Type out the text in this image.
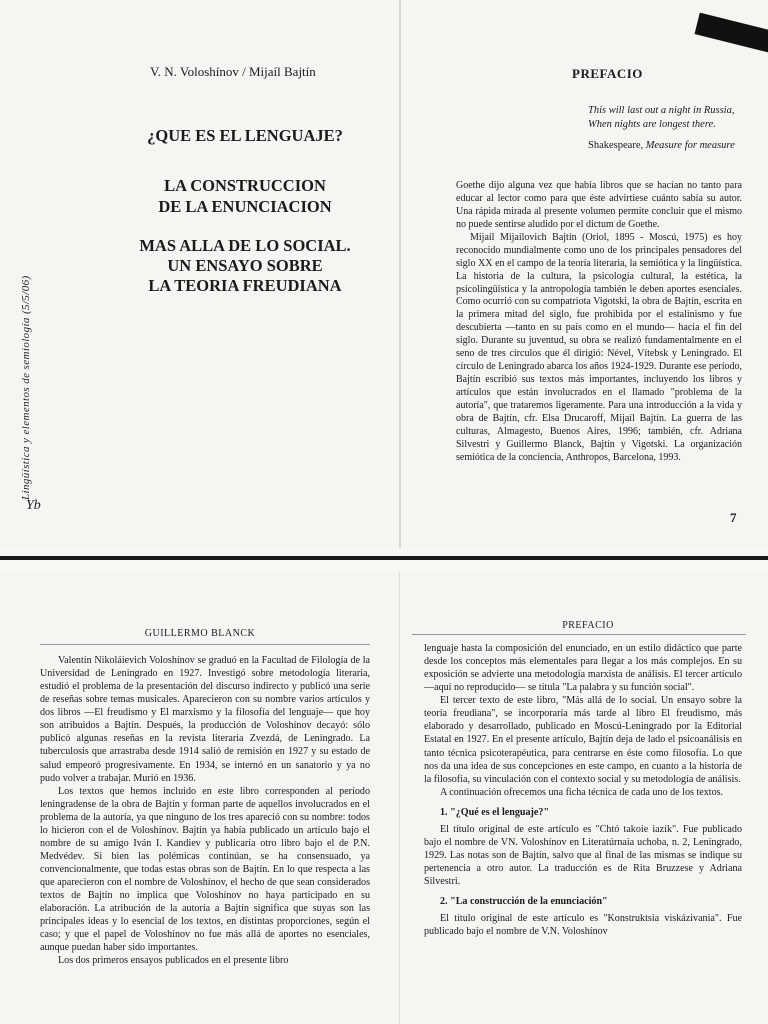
V. N. Voloshínov / Mijaíl Bajtín
¿QUE ES EL LENGUAJE?
LA CONSTRUCCION
DE LA ENUNCIACION
MAS ALLA DE LO SOCIAL.
UN ENSAYO SOBRE
LA TEORIA FREUDIANA
Lingüística y elementos de semiología (5/5/06)
Yb
PREFACIO
This will last out a night in Russia,
When nights are longest there.
Shakespeare, Measure for measure

Goethe dijo alguna vez que había libros que se hacían no tanto para educar al lector como para que éste advirtiese cuánto sabía su autor. Una rápida mirada al presente volumen permite concluir que el mismo no puede sentirse aludido por el dictum de Goethe.

Mijaíl Mijailovich Bajtín (Oriol, 1895 - Moscú, 1975) es hoy reconocido mundialmente como uno de los principales pensadores del siglo XX en el campo de la teoría literaria, la semiótica y la lingüística. La historia de la cultura, la psicología cultural, la estética, la psicolingüística y la antropología también le deben aportes esenciales. Como ocurrió con su compatriota Vigotski, la obra de Bajtín, escrita en la primera mitad del siglo, fue prohibida por el estalinismo y fue descubierta —tanto en su país como en el mundo— hacia el fin del siglo. Durante su juventud, su obra se realizó fundamentalmente en el seno de tres círculos que él dirigió: Nével, Vítebsk y Leningrado. El círculo de Leningrado abarca los años 1924-1929. Durante ese período, Bajtín escribió sus textos más importantes, incluyendo los libros y artículos que están involucrados en el llamado "problema de la autoría", que trataremos ligeramente. Para una introducción a la vida y obra de Bajtín, cfr. Elsa Drucaroff, Mijaíl Bajtín. La guerra de las culturas, Almagesto, Buenos Aires, 1996; también, cfr. Adriana Silvestri y Guillermo Blanck, Bajtín y Vigotski. La organización semiótica de la conciencia, Anthropos, Barcelona, 1993.

7
GUILLERMO BLANCK

Valentín Nikoláievich Voloshínov se graduó en la Facultad de Filología de la Universidad de Leningrado en 1927. Investigó sobre metodología literaria, estudió el problema de la presentación del discurso indirecto y publicó una serie de reseñas sobre temas musicales. Aparecieron con su nombre varios artículos y dos libros —El freudismo y El marxismo y la filosofía del lenguaje— que hoy son atribuidos a Bajtín. Después, la producción de Voloshínov decayó: sólo publicó algunas reseñas en la revista literaria Zvezdá, de Leningrado. La tuberculosis que arrastraba desde 1914 salió de remisión en 1927 y su estado de salud empeoró progresivamente. En 1934, se internó en un sanatorio y ya no pudo volver a trabajar. Murió en 1936.

Los textos que hemos incluido en este libro corresponden al período leningradense de la obra de Bajtín y forman parte de aquellos involucrados en el problema de la autoría, ya que ninguno de los tres apareció con su nombre: todos lo hicieron con el de Voloshínov. Bajtín ya había publicado un artículo bajo el nombre de su amigo Iván I. Kandiev y publicaría otro libro bajo el de P.N. Medvédev. Si bien las polémicas continúan, se ha consensuado, ya convencionalmente, que todas estas obras son de Bajtín. En lo que respecta a las que aparecieron con el nombre de Voloshínov, el hecho de que sean considerados textos de Bajtín no implica que Voloshínov no haya participado en su elaboración. La atribución de la autoría a Bajtín significa que suyas son las principales ideas y lo esencial de los textos, en distintas proporciones, según el caso; y que el papel de Voloshínov no fue más allá de aportes no esenciales, aunque puedan haber sido importantes.

Los dos primeros ensayos publicados en el presente libro

PREFACIO

lenguaje hasta la composición del enunciado, en un estilo didáctico que parte desde los conceptos más elementales para llegar a los más complejos. En su exposición se advierte una metodología marxista de análisis. El tercer artículo —aquí no reproducido— se titula "La palabra y su función social".

El tercer texto de este libro, "Más allá de lo social. Un ensayo sobre la teoría freudiana", se incorporaría más tarde al libro El freudismo, más elaborado y desarrollado, publicado en Moscú-Leningrado por la Editorial Estatal en 1927. En el presente artículo, Bajtín deja de lado el psicoanálisis en tanto técnica psicoterapéutica, para centrarse en éste como filosofía. Lo que nos da una idea de sus concepciones en este campo, en cuanto a la historia de la filosofía, su vinculación con el contexto social y su metodología de análisis.

A continuación ofrecemos una ficha técnica de cada uno de los textos.

1. "¿Qué es el lenguaje?"

El título original de este artículo es "Chtó takoie iazík". Fue publicado bajo el nombre de VN. Voloshínov en Literatúrnaia uchoba, n. 2, Leningrado, 1929. Las notas son de Bajtín, salvo que al final de las mismas se indique su pertenencia a otro autor. La traducción es de Rita Bruzzese y Adriana Silvestri.

2. "La construcción de la enunciación"

El título original de este artículo es "Konstruktsia viskázivania". Fue publicado bajo el nombre de V.N. Voloshínov
